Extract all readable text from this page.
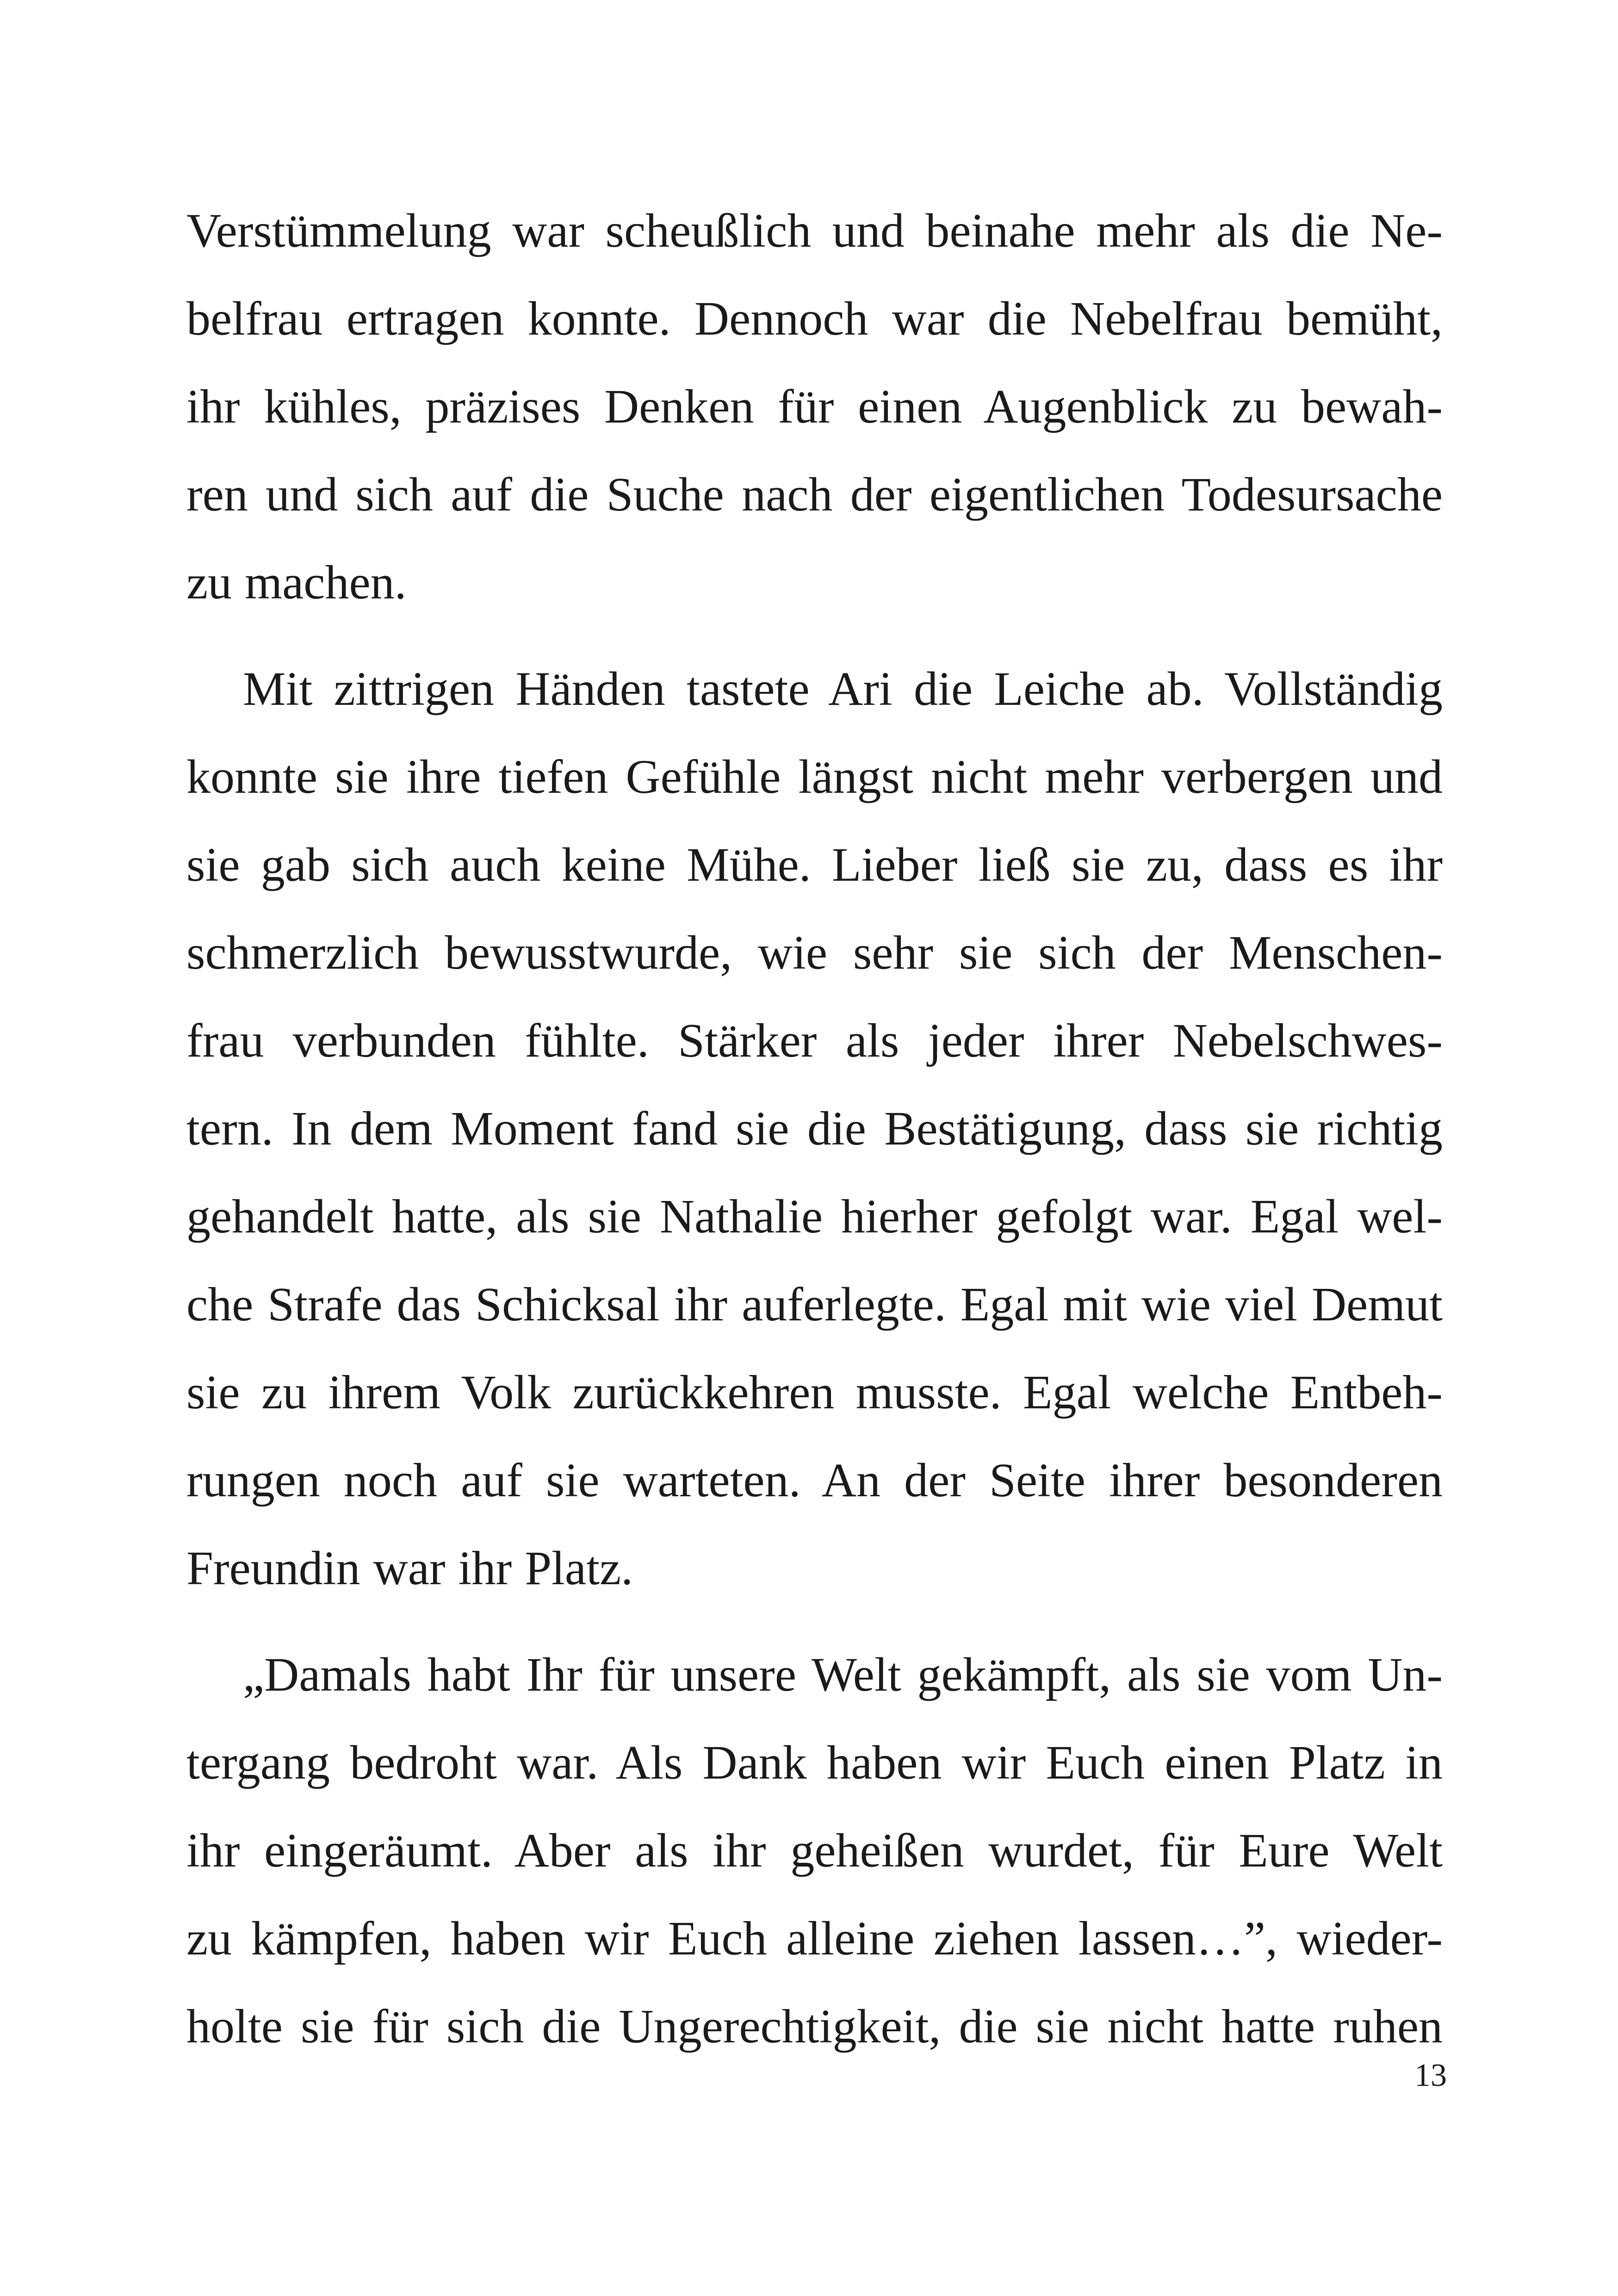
Verstümmelung war scheußlich und beinahe mehr als die Ne-
belfrau ertragen konnte. Dennoch war die Nebelfrau bemüht,
ihr kühles, präzises Denken für einen Augenblick zu bewah-
ren und sich auf die Suche nach der eigentlichen Todesursache
zu machen.
Mit zittrigen Händen tastete Ari die Leiche ab. Vollständig
konnte sie ihre tiefen Gefühle längst nicht mehr verbergen und
sie gab sich auch keine Mühe. Lieber ließ sie zu, dass es ihr
schmerzlich bewusstwurde, wie sehr sie sich der Menschen-
frau verbunden fühlte. Stärker als jeder ihrer Nebelschwes-
tern. In dem Moment fand sie die Bestätigung, dass sie richtig
gehandelt hatte, als sie Nathalie hierher gefolgt war. Egal wel-
che Strafe das Schicksal ihr auferlegte. Egal mit wie viel Demut
sie zu ihrem Volk zurückkehren musste. Egal welche Entbeh-
rungen noch auf sie warteten. An der Seite ihrer besonderen
Freundin war ihr Platz.
„Damals habt Ihr für unsere Welt gekämpft, als sie vom Un-
tergang bedroht war. Als Dank haben wir Euch einen Platz in
ihr eingeräumt. Aber als ihr geheißen wurdet, für Eure Welt
zu kämpfen, haben wir Euch alleine ziehen lassen…”, wieder-
holte sie für sich die Ungerechtigkeit, die sie nicht hatte ruhen
13
